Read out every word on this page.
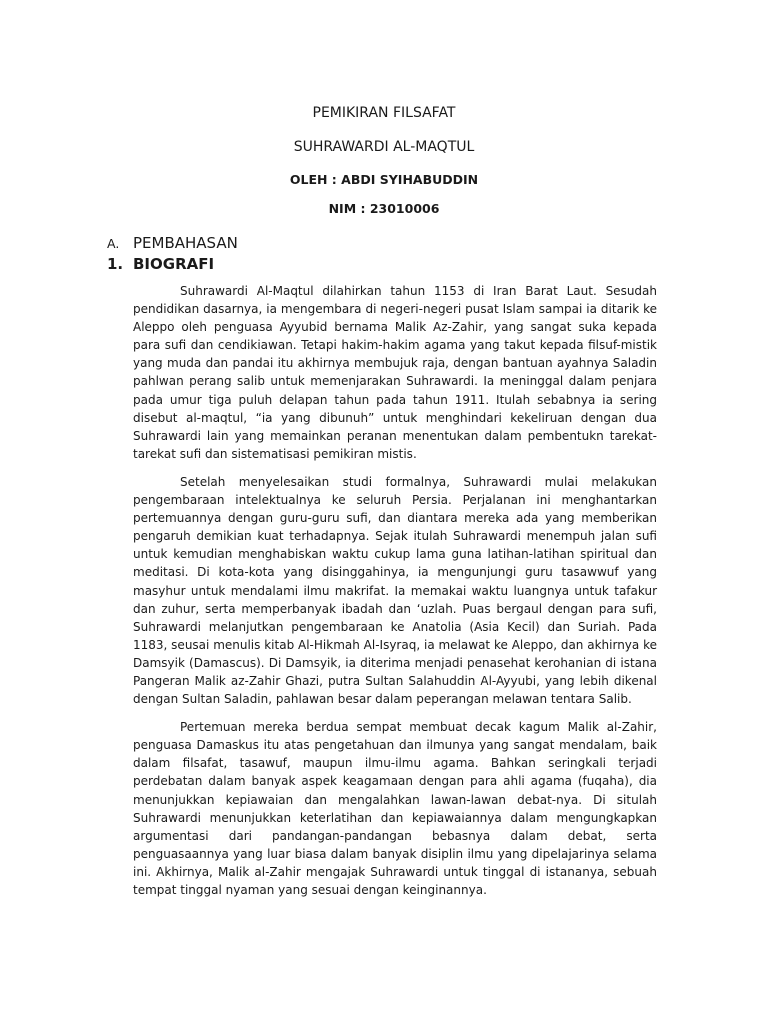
PEMIKIRAN FILSAFAT
SUHRAWARDI AL-MAQTUL
OLEH : ABDI SYIHABUDDIN
NIM : 23010006
A. PEMBAHASAN
1. BIOGRAFI

Suhrawardi Al-Maqtul dilahirkan tahun 1153 di Iran Barat Laut. Sesudah pendidikan dasarnya, ia mengembara di negeri-negeri pusat Islam sampai ia ditarik ke Aleppo oleh penguasa Ayyubid bernama Malik Az-Zahir, yang sangat suka kepada para sufi dan cendikiawan. Tetapi hakim-hakim agama yang takut kepada filsuf-mistik yang muda dan pandai itu akhirnya membujuk raja, dengan bantuan ayahnya Saladin pahlwan perang salib untuk memenjarakan Suhrawardi. Ia meninggal dalam penjara pada umur tiga puluh delapan tahun pada tahun 1911. Itulah sebabnya ia sering disebut al-maqtul, “ia yang dibunuh” untuk menghindari kekeliruan dengan dua Suhrawardi lain yang memainkan peranan menentukan dalam pembentukn tarekat-tarekat sufi dan sistematisasi pemikiran mistis.

Setelah menyelesaikan studi formalnya, Suhrawardi mulai melakukan pengembaraan intelektualnya ke seluruh Persia. Perjalanan ini menghantarkan pertemuannya dengan guru-guru sufi, dan diantara mereka ada yang memberikan pengaruh demikian kuat terhadapnya. Sejak itulah Suhrawardi menempuh jalan sufi untuk kemudian menghabiskan waktu cukup lama guna latihan-latihan spiritual dan meditasi. Di kota-kota yang disinggahinya, ia mengunjungi guru tasawwuf yang masyhur untuk mendalami ilmu makrifat. Ia memakai waktu luangnya untuk tafakur dan zuhur, serta memperbanyak ibadah dan ‘uzlah. Puas bergaul dengan para sufi, Suhrawardi melanjutkan pengembaraan ke Anatolia (Asia Kecil) dan Suriah. Pada 1183, seusai menulis kitab Al-Hikmah Al-Isyraq, ia melawat ke Aleppo, dan akhirnya ke Damsyik (Damascus). Di Damsyik, ia diterima menjadi penasehat kerohanian di istana Pangeran Malik az-Zahir Ghazi, putra Sultan Salahuddin Al-Ayyubi, yang lebih dikenal dengan Sultan Saladin, pahlawan besar dalam peperangan melawan tentara Salib.

Pertemuan mereka berdua sempat membuat decak kagum Malik al-Zahir, penguasa Damaskus itu atas pengetahuan dan ilmunya yang sangat mendalam, baik dalam filsafat, tasawuf, maupun ilmu-ilmu agama. Bahkan seringkali terjadi perdebatan dalam banyak aspek keagamaan dengan para ahli agama (fuqaha), dia menunjukkan kepiawaian dan mengalahkan lawan-lawan debat-nya. Di situlah Suhrawardi menunjukkan keterlatihan dan kepiawaiannya dalam mengungkapkan argumentasi dari pandangan-pandangan bebasnya dalam debat, serta penguasaannya yang luar biasa dalam banyak disiplin ilmu yang dipelajarinya selama ini. Akhirnya, Malik al-Zahir mengajak Suhrawardi untuk tinggal di istananya, sebuah tempat tinggal nyaman yang sesuai dengan keinginannya.
